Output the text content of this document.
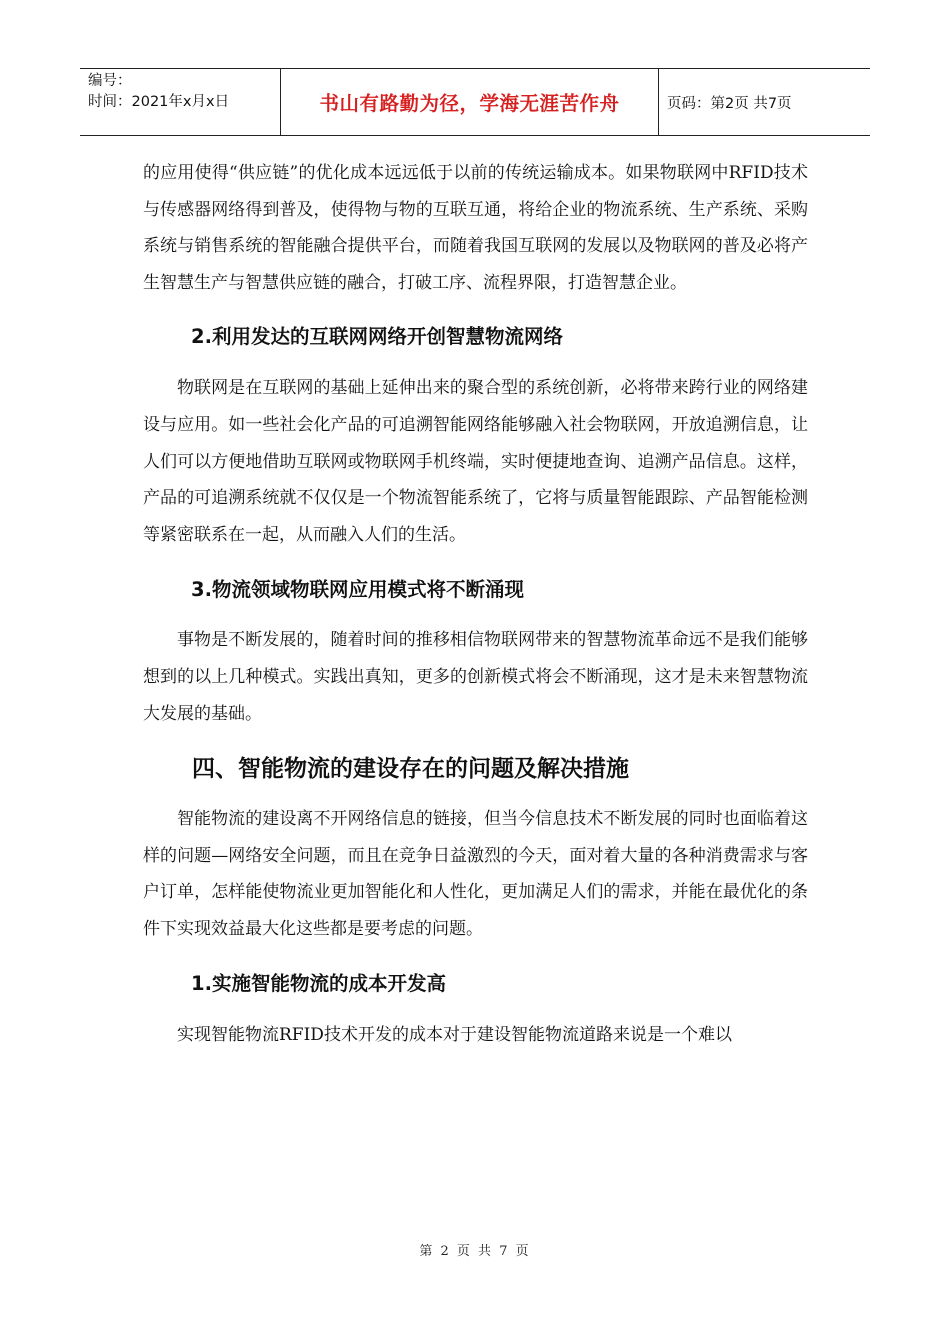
编号：
时间：2021年x月x日	书山有路勤为径，学海无涯苦作舟	页码：第2页 共7页

的应用使得“供应链”的优化成本远远低于以前的传统运输成本。如果物联网中RFID技术与传感器网络得到普及，使得物与物的互联互通，将给企业的物流系统、生产系统、采购系统与销售系统的智能融合提供平台，而随着我国互联网的发展以及物联网的普及必将产生智慧生产与智慧供应链的融合，打破工序、流程界限，打造智慧企业。

2.利用发达的互联网网络开创智慧物流网络

物联网是在互联网的基础上延伸出来的聚合型的系统创新，必将带来跨行业的网络建设与应用。如一些社会化产品的可追溯智能网络能够融入社会物联网，开放追溯信息，让人们可以方便地借助互联网或物联网手机终端，实时便捷地查询、追溯产品信息。这样，产品的可追溯系统就不仅仅是一个物流智能系统了，它将与质量智能跟踪、产品智能检测等紧密联系在一起，从而融入人们的生活。

3.物流领域物联网应用模式将不断涌现

事物是不断发展的，随着时间的推移相信物联网带来的智慧物流革命远不是我们能够想到的以上几种模式。实践出真知，更多的创新模式将会不断涌现，这才是未来智慧物流大发展的基础。

四、智能物流的建设存在的问题及解决措施

智能物流的建设离不开网络信息的链接，但当今信息技术不断发展的同时也面临着这样的问题—网络安全问题，而且在竞争日益激烈的今天，面对着大量的各种消费需求与客户订单，怎样能使物流业更加智能化和人性化，更加满足人们的需求，并能在最优化的条件下实现效益最大化这些都是要考虑的问题。

1.实施智能物流的成本开发高

实现智能物流RFID技术开发的成本对于建设智能物流道路来说是一个难以

第 2 页 共 7 页
